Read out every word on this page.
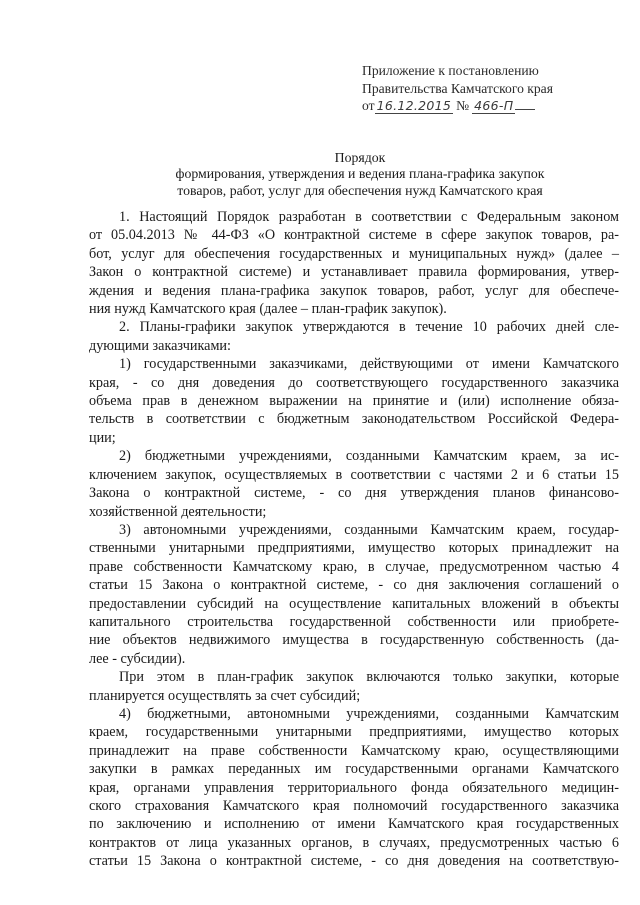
Приложение к постановлению
Правительства Камчатского края
от 16.12.2015 № 466-П
Порядок
формирования, утверждения и ведения плана-графика закупок
товаров, работ, услуг для обеспечения нужд Камчатского края
1. Настоящий Порядок разработан в соответствии с Федеральным законом
от 05.04.2013 № 44-ФЗ «О контрактной системе в сфере закупок товаров, ра-
бот, услуг для обеспечения государственных и муниципальных нужд» (далее –
Закон о контрактной системе) и устанавливает правила формирования, утвер-
ждения и ведения плана-графика закупок товаров, работ, услуг для обеспече-
ния нужд Камчатского края (далее – план-график закупок).
2. Планы-графики закупок утверждаются в течение 10 рабочих дней сле-
дующими заказчиками:
1) государственными заказчиками, действующими от имени Камчатского
края, - со дня доведения до соответствующего государственного заказчика
объема прав в денежном выражении на принятие и (или) исполнение обяза-
тельств в соответствии с бюджетным законодательством Российской Федера-
ции;
2) бюджетными учреждениями, созданными Камчатским краем, за ис-
ключением закупок, осуществляемых в соответствии с частями 2 и 6 статьи 15
Закона о контрактной системе, - со дня утверждения планов финансово-
хозяйственной деятельности;
3) автономными учреждениями, созданными Камчатским краем, государ-
ственными унитарными предприятиями, имущество которых принадлежит на
праве собственности Камчатскому краю, в случае, предусмотренном частью 4
статьи 15 Закона о контрактной системе, - со дня заключения соглашений о
предоставлении субсидий на осуществление капитальных вложений в объекты
капитального строительства государственной собственности или приобрете-
ние объектов недвижимого имущества в государственную собственность (да-
лее - субсидии).
При этом в план-график закупок включаются только закупки, которые
планируется осуществлять за счет субсидий;
4) бюджетными, автономными учреждениями, созданными Камчатским
краем, государственными унитарными предприятиями, имущество которых
принадлежит на праве собственности Камчатскому краю, осуществляющими
закупки в рамках переданных им государственными органами Камчатского
края, органами управления территориального фонда обязательного медицин-
ского страхования Камчатского края полномочий государственного заказчика
по заключению и исполнению от имени Камчатского края государственных
контрактов от лица указанных органов, в случаях, предусмотренных частью 6
статьи 15 Закона о контрактной системе, - со дня доведения на соответствую-
